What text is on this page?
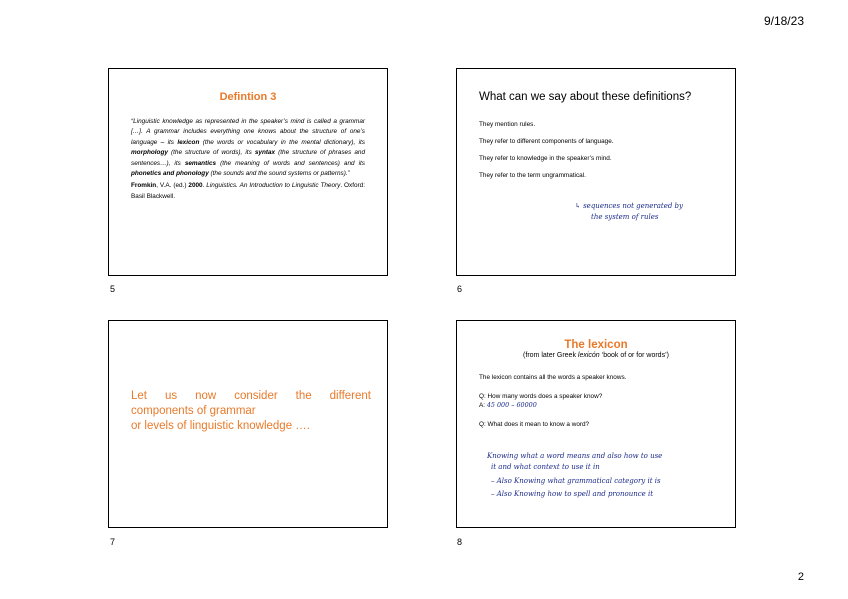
9/18/23
Defintion 3
“Linguistic knowledge as represented in the speaker’s mind is called a grammar […]. A grammar includes everything one knows about the structure of one’s language – its lexicon (the words or vocabulary in the mental dictionary), its morphology (the structure of words), its syntax (the structure of phrases and sentences…), its semantics (the meaning of words and sentences) and its phonetics and phonology (the sounds and the sound systems or patterns).”
Fromkin, V.A. (ed.) 2000. Linguistics. An Introduction to Linguistic Theory. Oxford: Basil Blackwell.
5
What can we say about these definitions?
They mention rules.
They refer to different components of language.
They refer to knowledge in the speaker’s mind.
They refer to the term ungrammatical.
↳ sequences not generated by
the system of rules
6
Let us now consider the different
components of grammar
or levels of linguistic knowledge ….
7
The lexicon
(from later Greek lexicón ‘book of or for words’)
The lexicon contains all the words a speaker knows.
Q: How many words does a speaker know?
A: 45 000 – 60000
Q: What does it mean to know a word?
Knowing what a word means and also how to use
it and what context to use it in
– Also Knowing what grammatical category it is
– Also Knowing how to spell and pronounce it
8
2
